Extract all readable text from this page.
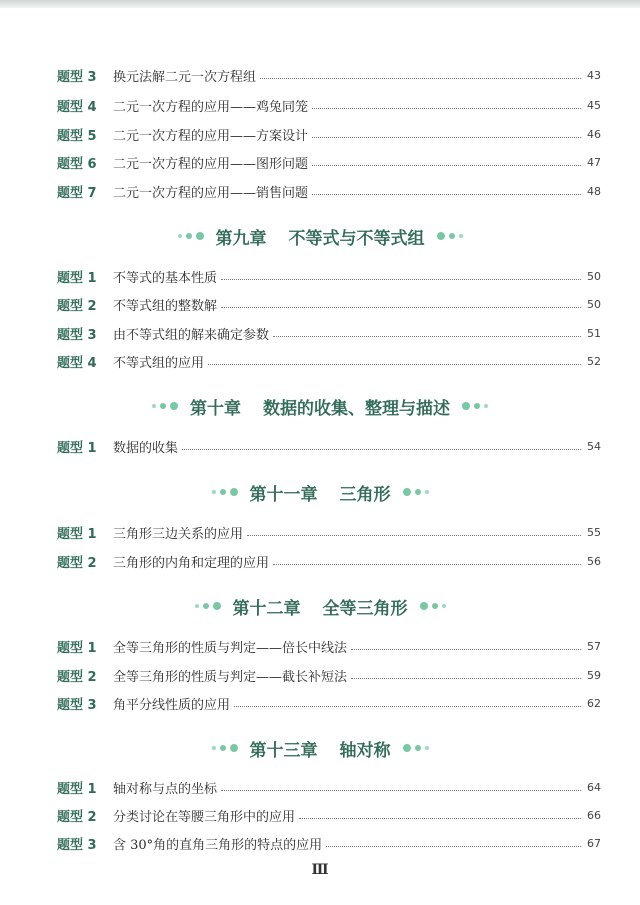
题型 3	换元法解二元一次方程组	43
题型 4	二元一次方程的应用——鸡兔同笼	45
题型 5	二元一次方程的应用——方案设计	46
题型 6	二元一次方程的应用——图形问题	47
题型 7	二元一次方程的应用——销售问题	48
第九章 不等式与不等式组
题型 1	不等式的基本性质	50
题型 2	不等式组的整数解	50
题型 3	由不等式组的解来确定参数	51
题型 4	不等式组的应用	52
第十章 数据的收集、整理与描述
题型 1	数据的收集	54
第十一章 三角形
题型 1	三角形三边关系的应用	55
题型 2	三角形的内角和定理的应用	56
第十二章 全等三角形
题型 1	全等三角形的性质与判定——倍长中线法	57
题型 2	全等三角形的性质与判定——截长补短法	59
题型 3	角平分线性质的应用	62
第十三章 轴对称
题型 1	轴对称与点的坐标	64
题型 2	分类讨论在等腰三角形中的应用	66
题型 3	含 30°角的直角三角形的特点的应用	67
Ⅲ
